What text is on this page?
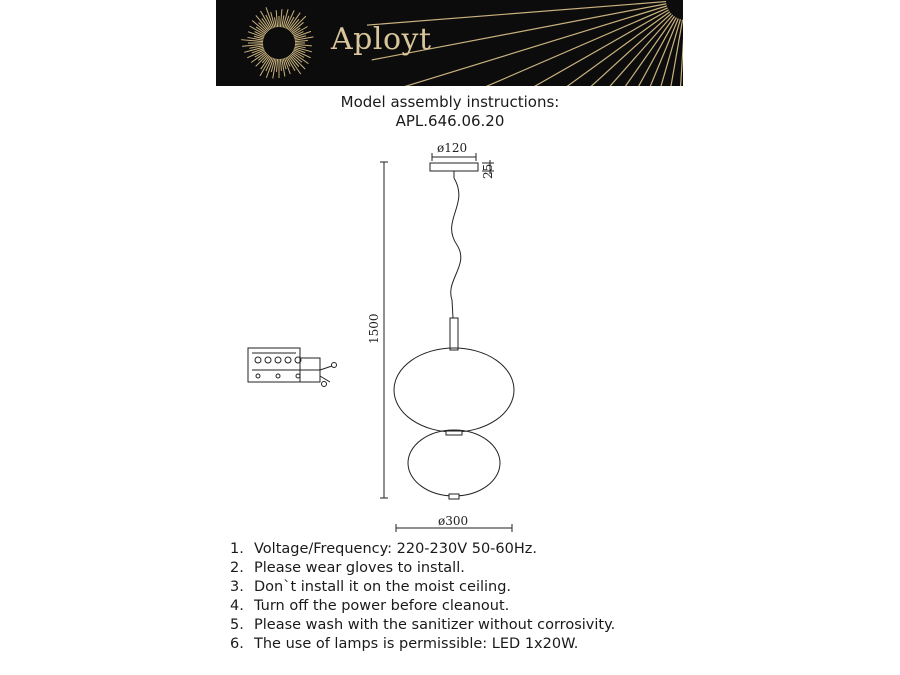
Aployt
Model assembly instructions:
APL.646.06.20
ø120
25
1500
ø300
1. Voltage/Frequency: 220-230V 50-60Hz.
2. Please wear gloves to install.
3. Don`t install it on the moist ceiling.
4. Turn off the power before cleanout.
5. Please wash with the sanitizer without corrosivity.
6. The use of lamps is permissible: LED 1x20W.
